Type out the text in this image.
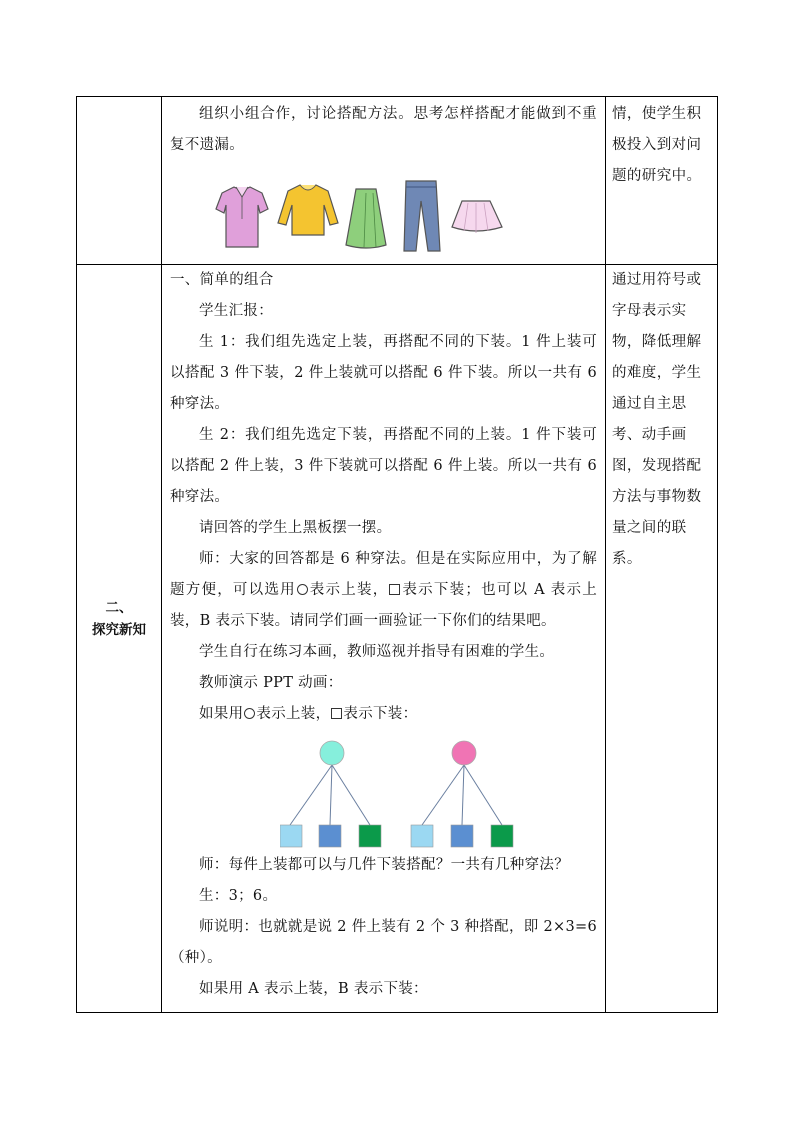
组织小组合作，讨论搭配方法。思考怎样搭配才能做到不重复不遗漏。

情，使学生积极投入到对问题的研究中。

二、
探究新知

一、简单的组合

学生汇报：

生 1：我们组先选定上装，再搭配不同的下装。1 件上装可以搭配 3 件下装，2 件上装就可以搭配 6 件下装。所以一共有 6 种穿法。

生 2：我们组先选定下装，再搭配不同的上装。1 件下装可以搭配 2 件上装，3 件下装就可以搭配 6 件上装。所以一共有 6 种穿法。

请回答的学生上黑板摆一摆。

师：大家的回答都是 6 种穿法。但是在实际应用中，为了解题方便，可以选用 表示上装， 表示下装；也可以 A 表示上装，B 表示下装。请同学们画一画验证一下你们的结果吧。

学生自行在练习本画，教师巡视并指导有困难的学生。

教师演示 PPT 动画：

如果用 表示上装， 表示下装：

师：每件上装都可以与几件下装搭配？一共有几种穿法？

生：3；6。

师说明：也就就是说 2 件上装有 2 个 3 种搭配，即 2×3=6（种）。

如果用 A 表示上装，B 表示下装：

通过用符号或字母表示实物，降低理解的难度，学生通过自主思考、动手画图，发现搭配方法与事物数量之间的联系。
